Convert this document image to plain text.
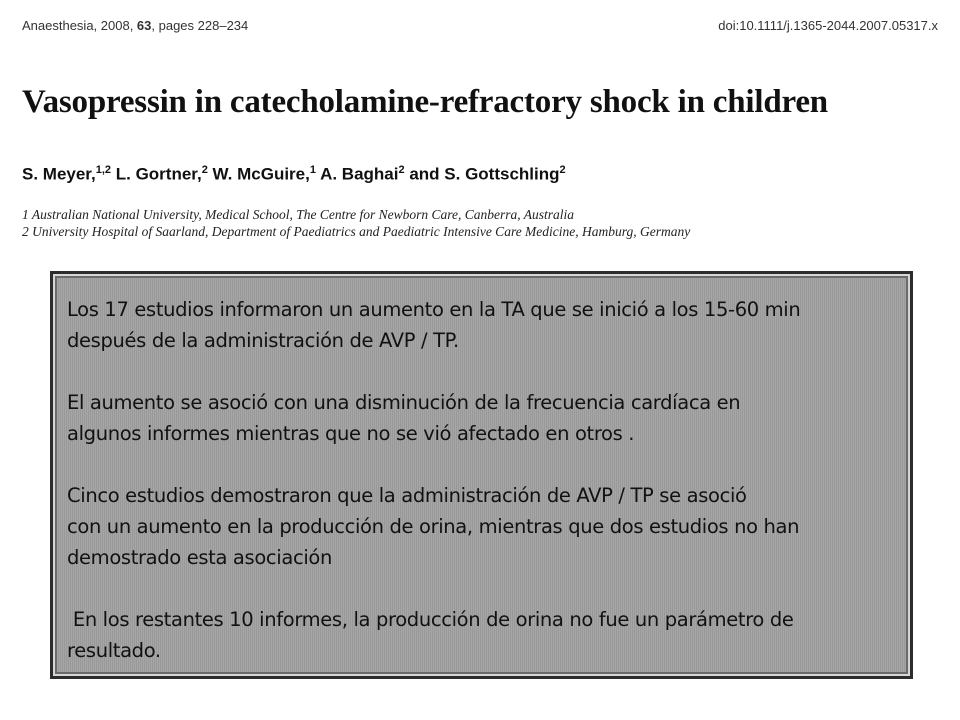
Anaesthesia, 2008, 63, pages 228–234	doi:10.1111/j.1365-2044.2007.05317.x
Vasopressin in catecholamine-refractory shock in children
S. Meyer,$^{1,2}$ L. Gortner,$^2$ W. McGuire,$^1$ A. Baghai$^2$ and S. Gottschling$^2$
1 Australian National University, Medical School, The Centre for Newborn Care, Canberra, Australia
2 University Hospital of Saarland, Department of Paediatrics and Paediatric Intensive Care Medicine, Hamburg, Germany

Los 17 estudios informaron un aumento en la TA que se inició a los 15-60 min

después de la administración de AVP / TP.

El aumento se asoció con una disminución de la frecuencia cardíaca en

algunos informes mientras que no se vió afectado en otros .

Cinco estudios demostraron que la administración de AVP / TP se asoció

con un aumento en la producción de orina, mientras que dos estudios no han

demostrado esta asociación

En los restantes 10 informes, la producción de orina no fue un parámetro de

resultado.
